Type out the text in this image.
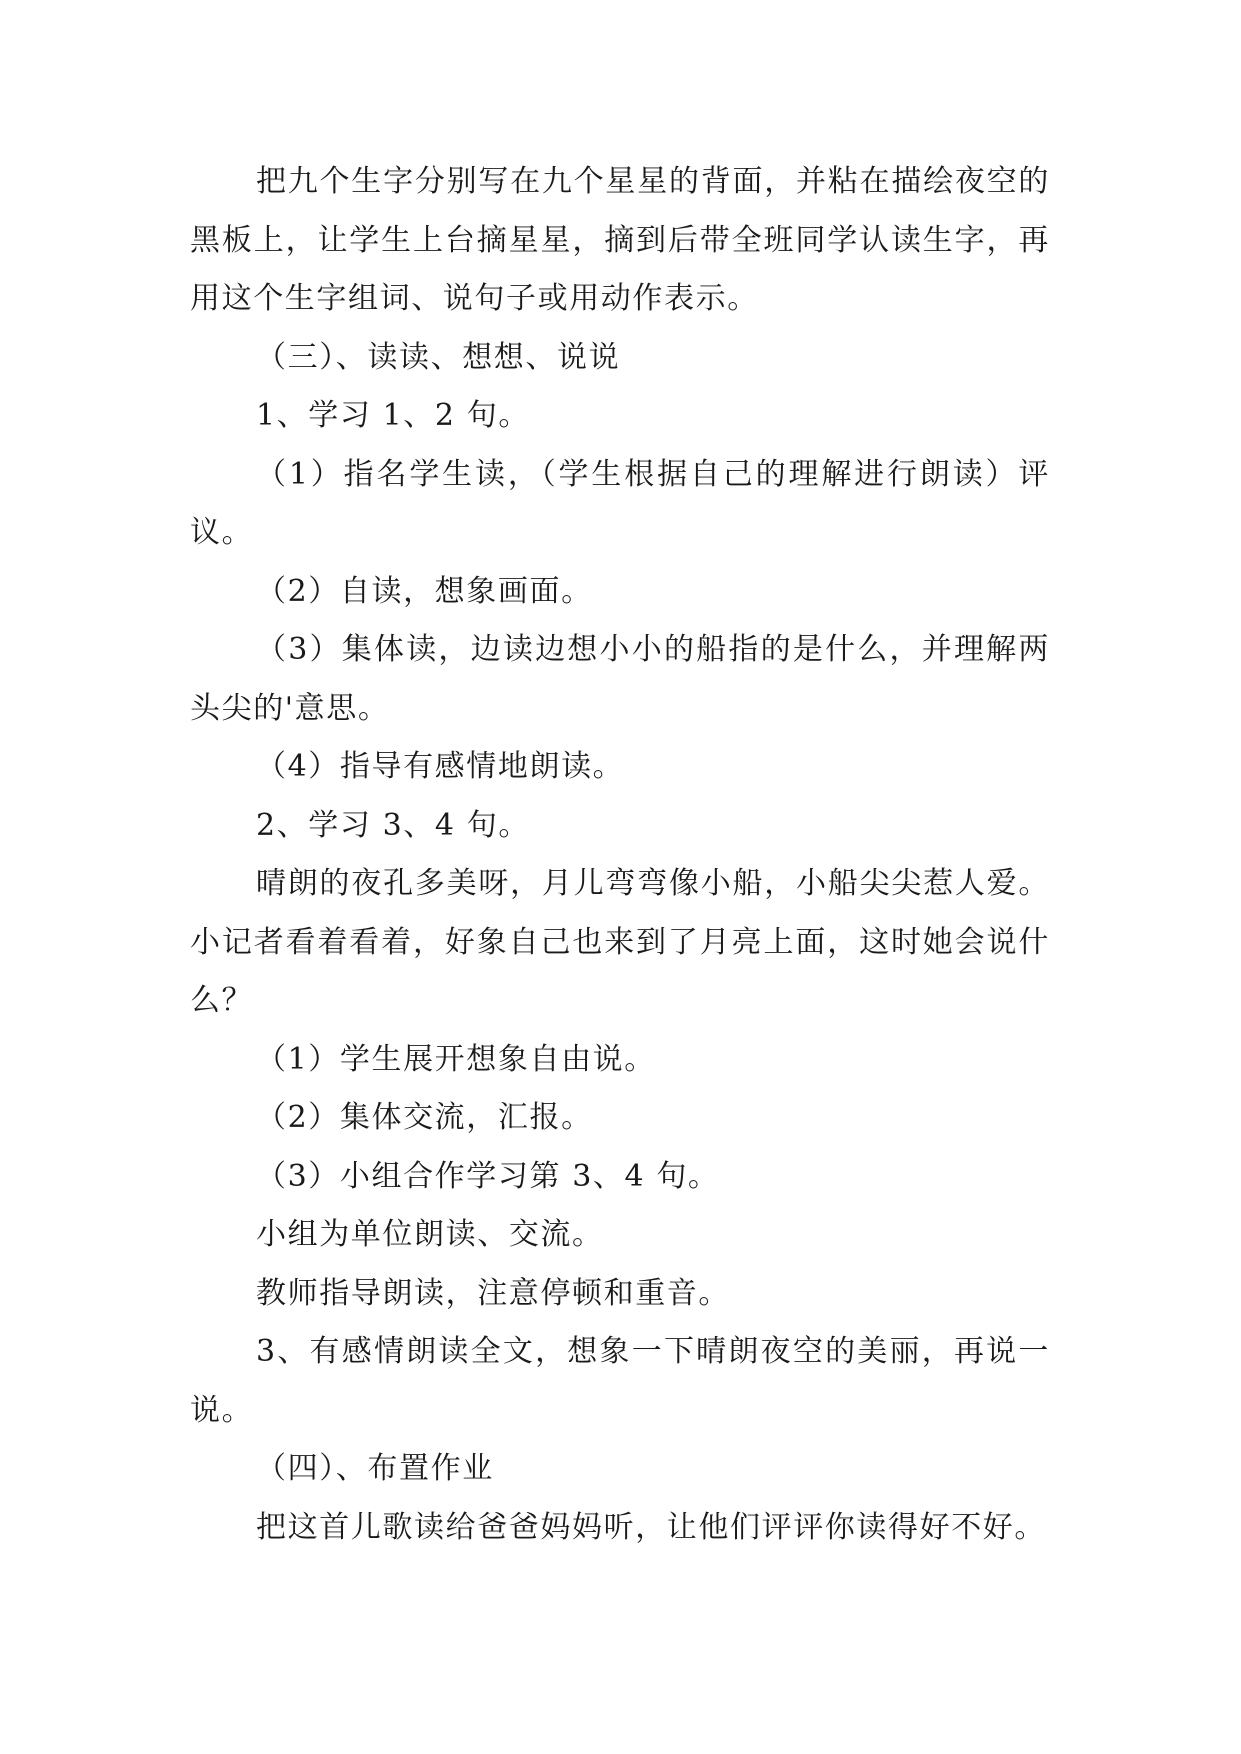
把九个生字分别写在九个星星的背面，并粘在描绘夜空的黑板上，让学生上台摘星星，摘到后带全班同学认读生字，再用这个生字组词、说句子或用动作表示。

（三）、读读、想想、说说

1、学习 1、2 句。

（1）指名学生读，（学生根据自己的理解进行朗读）评议。

（2）自读，想象画面。

（3）集体读，边读边想小小的船指的是什么，并理解两头尖的'意思。

（4）指导有感情地朗读。

2、学习 3、4 句。

晴朗的夜孔多美呀，月儿弯弯像小船，小船尖尖惹人爱。小记者看着看着，好象自己也来到了月亮上面，这时她会说什么？

（1）学生展开想象自由说。

（2）集体交流，汇报。

（3）小组合作学习第 3、4 句。

小组为单位朗读、交流。

教师指导朗读，注意停顿和重音。

3、有感情朗读全文，想象一下晴朗夜空的美丽，再说一说。

（四）、布置作业

把这首儿歌读给爸爸妈妈听，让他们评评你读得好不好。
